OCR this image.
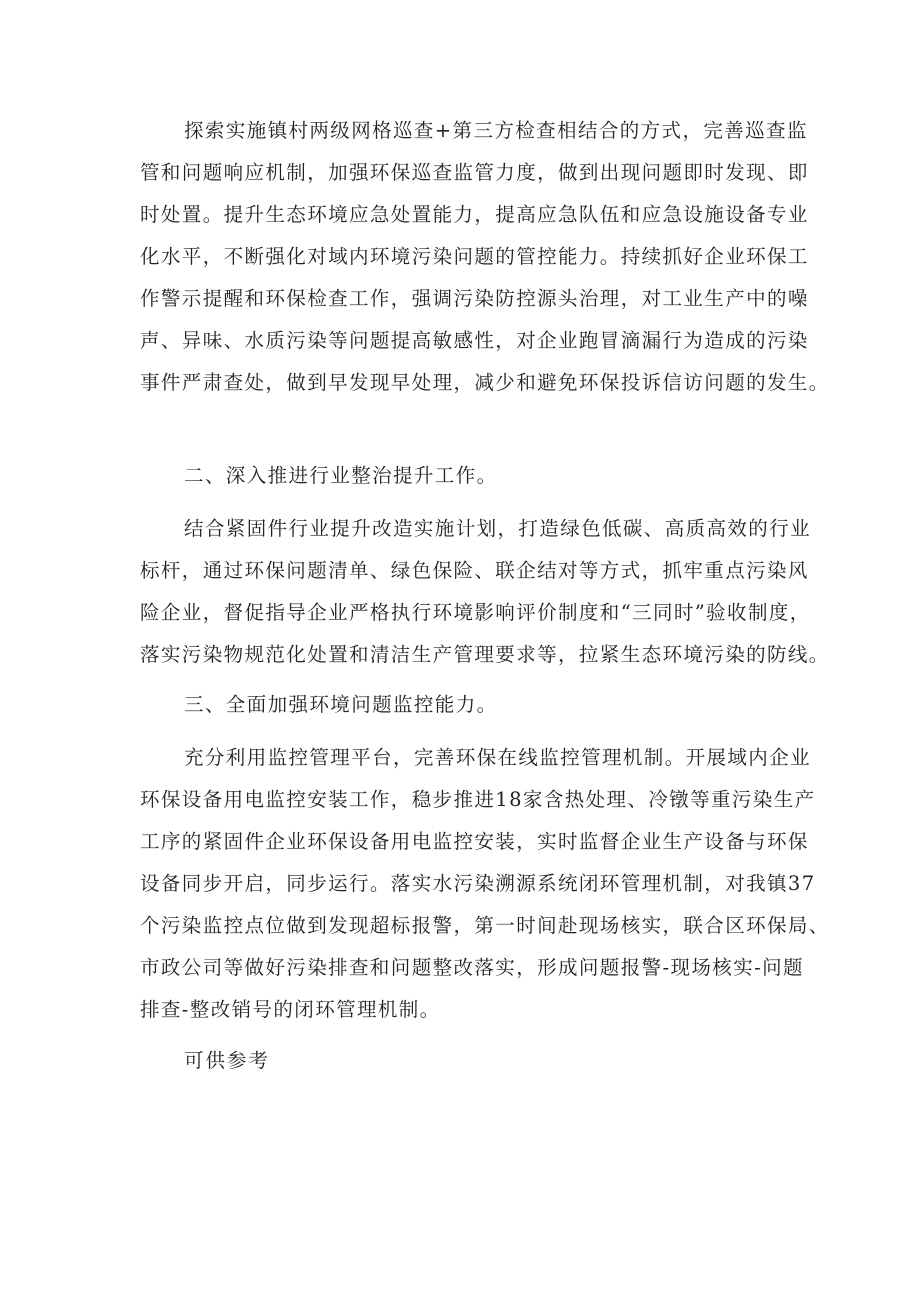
探索实施镇村两级网格巡查+第三方检查相结合的方式，完善巡查监
管和问题响应机制，加强环保巡查监管力度，做到出现问题即时发现、即
时处置。提升生态环境应急处置能力，提高应急队伍和应急设施设备专业
化水平，不断强化对域内环境污染问题的管控能力。持续抓好企业环保工
作警示提醒和环保检查工作，强调污染防控源头治理，对工业生产中的噪
声、异味、水质污染等问题提高敏感性，对企业跑冒滴漏行为造成的污染
事件严肃查处，做到早发现早处理，减少和避免环保投诉信访问题的发生。

二、深入推进行业整治提升工作。

结合紧固件行业提升改造实施计划，打造绿色低碳、高质高效的行业
标杆，通过环保问题清单、绿色保险、联企结对等方式，抓牢重点污染风
险企业，督促指导企业严格执行环境影响评价制度和“三同时”验收制度，
落实污染物规范化处置和清洁生产管理要求等，拉紧生态环境污染的防线。

三、全面加强环境问题监控能力。

充分利用监控管理平台，完善环保在线监控管理机制。开展域内企业
环保设备用电监控安装工作，稳步推进18家含热处理、冷镦等重污染生产
工序的紧固件企业环保设备用电监控安装，实时监督企业生产设备与环保
设备同步开启，同步运行。落实水污染溯源系统闭环管理机制，对我镇37
个污染监控点位做到发现超标报警，第一时间赴现场核实，联合区环保局、
市政公司等做好污染排查和问题整改落实，形成问题报警-现场核实-问题
排查-整改销号的闭环管理机制。

可供参考
